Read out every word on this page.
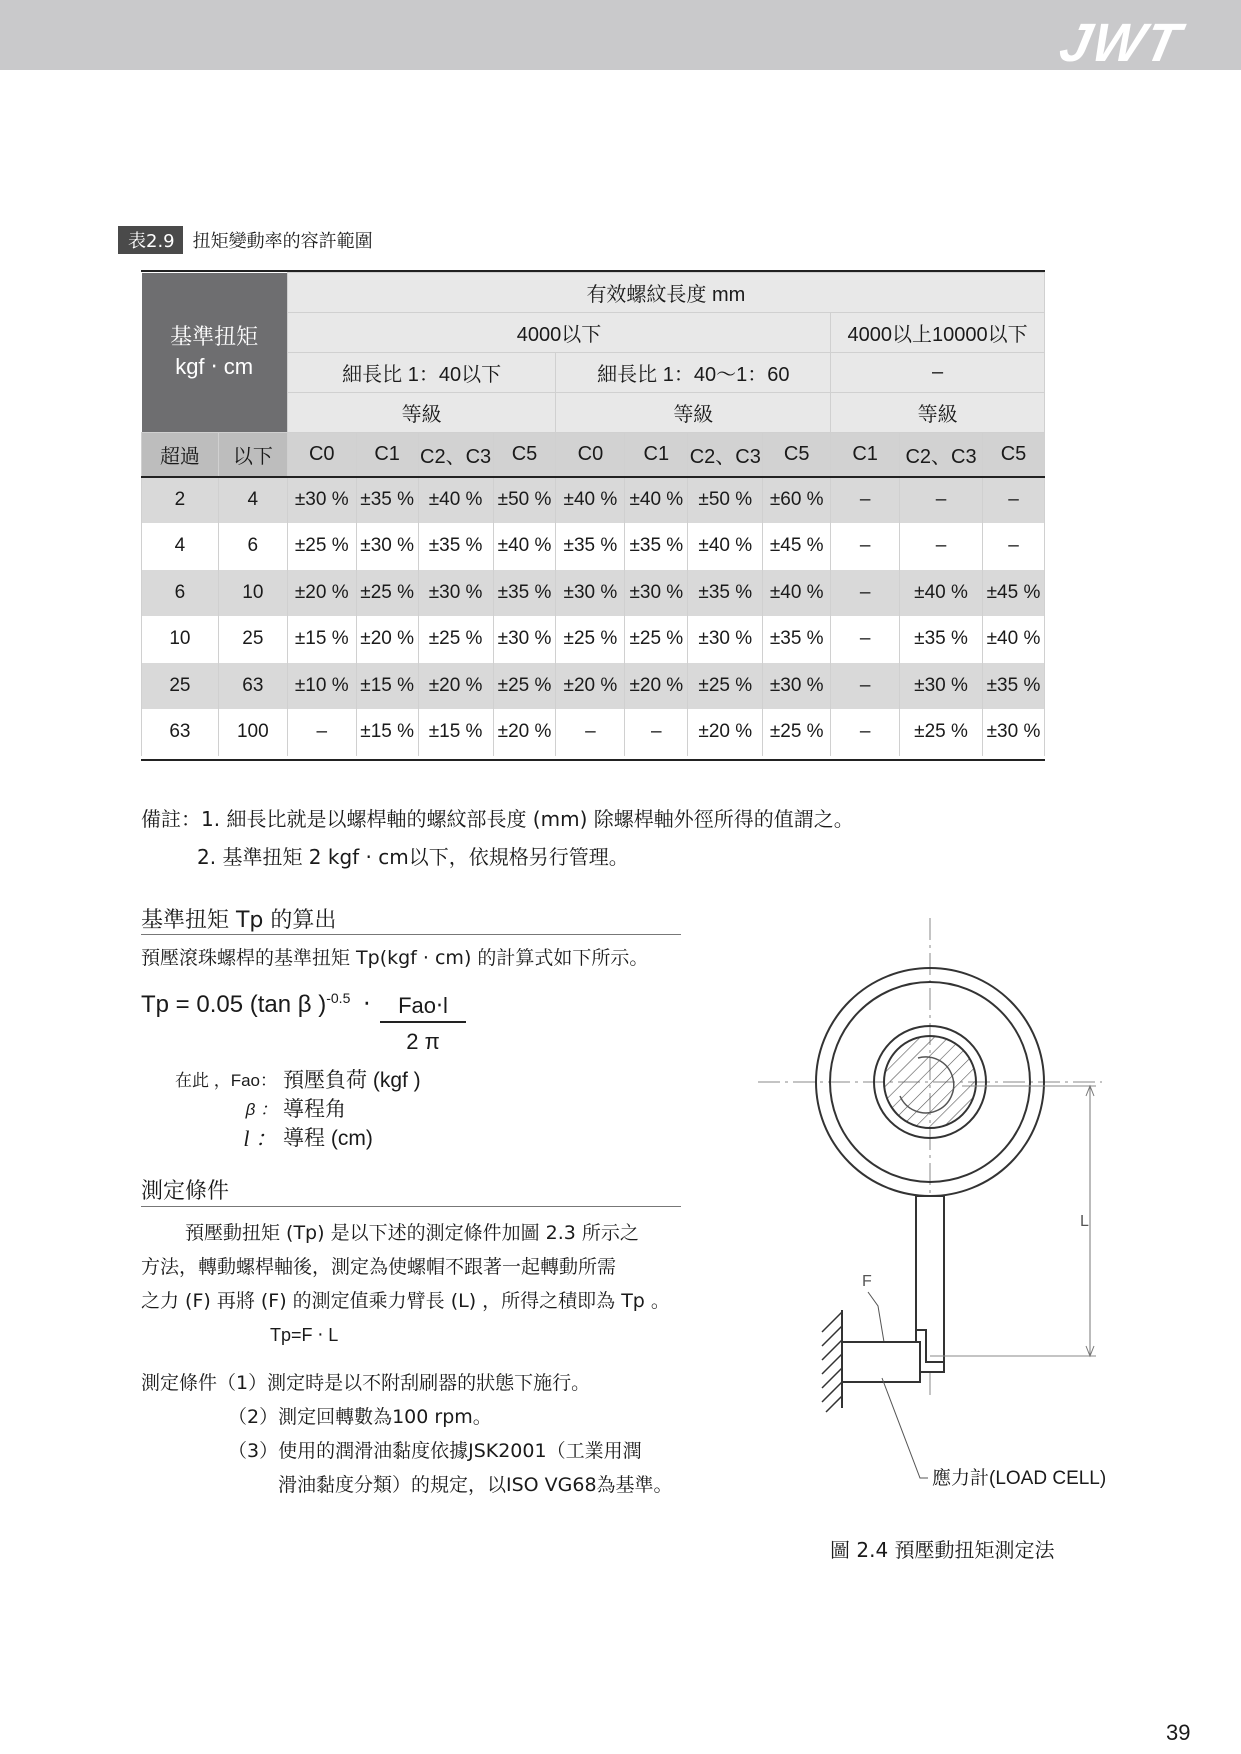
JWT
表2.9	扭矩變動率的容許範圍
基準扭矩
kgf ‧ cm		有效螺紋長度 mm										
		4000以下								4000以上10000以下		
		細長比 1：40以下				細長比 1：40～1：60				–		
		等級				等級				等級		
超過	以下	C0	C1	C2、C3	C5	C0	C1	C2、C3	C5	C1	C2、C3	C5
2	4	±30 %	±35 %	±40 %	±50 %	±40 %	±40 %	±50 %	±60 %	–	–	–
4	6	±25 %	±30 %	±35 %	±40 %	±35 %	±35 %	±40 %	±45 %	–	–	–
6	10	±20 %	±25 %	±30 %	±35 %	±30 %	±30 %	±35 %	±40 %	–	±40 %	±45 %
10	25	±15 %	±20 %	±25 %	±30 %	±25 %	±25 %	±30 %	±35 %	–	±35 %	±40 %
25	63	±10 %	±15 %	±20 %	±25 %	±20 %	±20 %	±25 %	±30 %	–	±30 %	±35 %
63	100	–	±15 %	±15 %	±20 %	–	–	±20 %	±25 %	–	±25 %	±30 %
備註：1. 細長比就是以螺桿軸的螺紋部長度 (mm) 除螺桿軸外徑所得的值謂之。
2. 基準扭矩 2 kgf ‧ cm以下，依規格另行管理。
基準扭矩 Tp 的算出
預壓滾珠螺桿的基準扭矩 Tp(kgf ‧ cm) 的計算式如下所示。
Tp = 0.05 (tan β )$^{-0.5}$ ‧	Fao‧l
2 π
在此 ，Fao： 預壓負荷 (kgf )
β ： 導程角
l ： 導程 (cm)
測定條件
預壓動扭矩 (Tp) 是以下述的測定條件加圖 2.3 所示之
方法，轉動螺桿軸後，測定為使螺帽不跟著一起轉動所需
之力 (F) 再將 (F) 的測定值乘力臂長 (L) ，所得之積即為 Tp 。
Tp=F ‧ L
測定條件（1）測定時是以不附刮刷器的狀態下施行。
（2）測定回轉數為100 rpm。
（3）使用的潤滑油黏度依據JSK2001（工業用潤
滑油黏度分類）的規定，以ISO VG68為基準。
L
F
應力計(LOAD CELL)
圖 2.4 預壓動扭矩測定法
39
